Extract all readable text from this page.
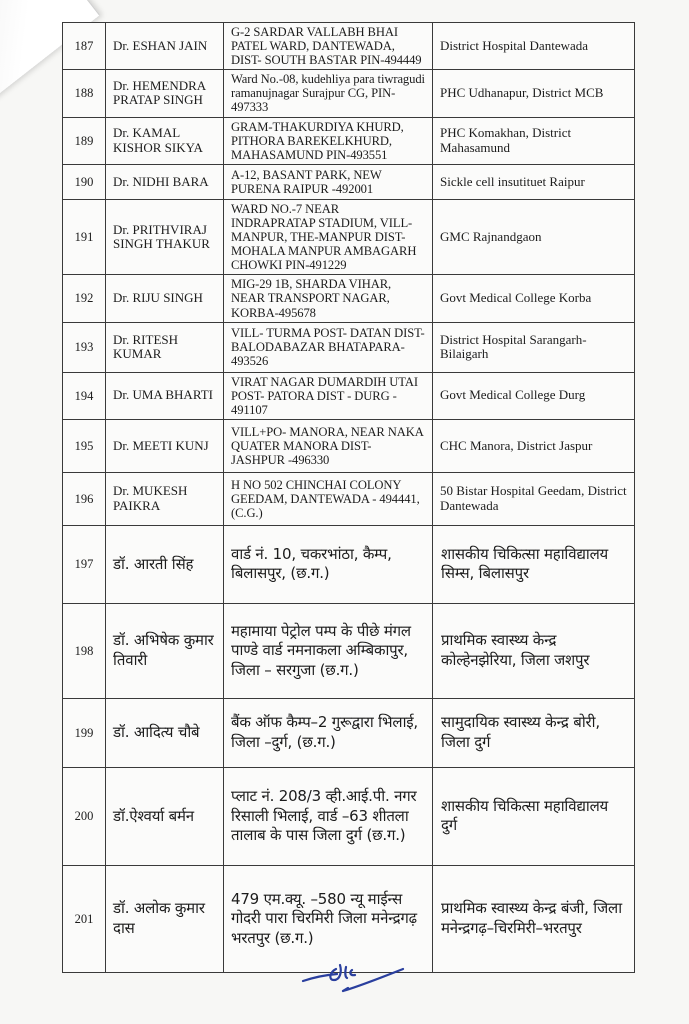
187	Dr. ESHAN JAIN	G-2 SARDAR VALLABH BHAI PATEL WARD, DANTEWADA, DIST- SOUTH BASTAR PIN-494449	District Hospital Dantewada
188	Dr. HEMENDRA PRATAP SINGH	Ward No.-08, kudehliya para tiwragudi ramanujnagar Surajpur CG, PIN-497333	PHC Udhanapur, District MCB
189	Dr. KAMAL KISHOR SIKYA	GRAM-THAKURDIYA KHURD, PITHORA BAREKELKHURD, MAHASAMUND PIN-493551	PHC Komakhan, District Mahasamund
190	Dr. NIDHI BARA	A-12, BASANT PARK, NEW PURENA RAIPUR -492001	Sickle cell insutituet Raipur
191	Dr. PRITHVIRAJ SINGH THAKUR	WARD NO.-7 NEAR INDRAPRATAP STADIUM, VILL-MANPUR, THE-MANPUR DIST- MOHALA MANPUR AMBAGARH CHOWKI PIN-491229	GMC Rajnandgaon
192	Dr. RIJU SINGH	MIG-29 1B, SHARDA VIHAR, NEAR TRANSPORT NAGAR, KORBA-495678	Govt Medical College Korba
193	Dr. RITESH KUMAR	VILL- TURMA POST- DATAN DIST-BALODABAZAR BHATAPARA-493526	District Hospital Sarangarh-Bilaigarh
194	Dr. UMA BHARTI	VIRAT NAGAR DUMARDIH UTAI POST- PATORA DIST - DURG - 491107	Govt Medical College Durg
195	Dr. MEETI KUNJ	VILL+PO- MANORA, NEAR NAKA QUATER MANORA DIST- JASHPUR -496330	CHC Manora, District Jaspur
196	Dr. MUKESH PAIKRA	H NO 502 CHINCHAI COLONY GEEDAM, DANTEWADA - 494441, (C.G.)	50 Bistar Hospital Geedam, District Dantewada
197	डॉ. आरती सिंह	वार्ड नं. 10, चकरभांठा, कैम्प, बिलासपुर, (छ.ग.)	शासकीय चिकित्सा महाविद्यालय सिम्स, बिलासपुर
198	डॉ. अभिषेक कुमार तिवारी	महामाया पेट्रोल पम्प के पीछे मंगल पाण्डे वार्ड नमनाकला अम्बिकापुर, जिला – सरगुजा (छ.ग.)	प्राथमिक स्वास्थ्य केन्द्र कोल्हेनझेरिया, जिला जशपुर
199	डॉ. आदित्य चौबे	बैंक ऑफ कैम्प–2 गुरूद्वारा भिलाई, जिला –दुर्ग, (छ.ग.)	सामुदायिक स्वास्थ्य केन्द्र बोरी, जिला दुर्ग
200	डॉ.ऐश्वर्या बर्मन	प्लाट नं. 208/3 व्ही.आई.पी. नगर रिसाली भिलाई, वार्ड –63 शीतला तालाब के पास जिला दुर्ग (छ.ग.)	शासकीय चिकित्सा महाविद्यालय दुर्ग
201	डॉ. अलोक कुमार दास	479 एम.क्यू. –580 न्यू माईन्स गोदरी पारा चिरमिरी जिला मनेन्द्रगढ़ भरतपुर (छ.ग.)	प्राथमिक स्वास्थ्य केन्द्र बंजी, जिला मनेन्द्रगढ़–चिरमिरी–भरतपुर
